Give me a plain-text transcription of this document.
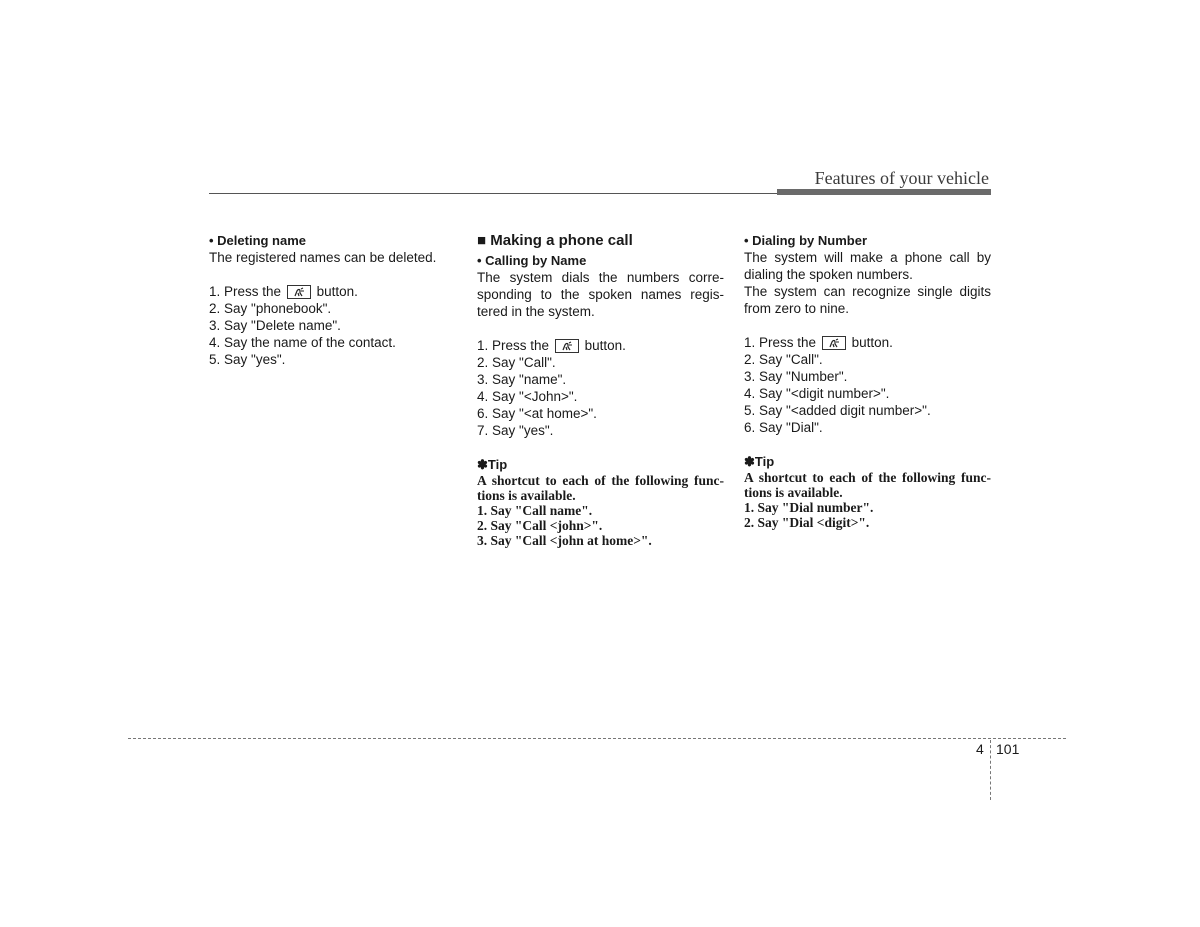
Features of your vehicle

• Deleting name

The registered names can be deleted.

1. Press the	button.

2. Say "phonebook".

3. Say "Delete name".

4. Say the name of the contact.

5. Say "yes".

■ Making a phone call

• Calling by Name

The system dials the numbers corre-sponding to the spoken names regis-tered in the system.

1. Press the	button.

2. Say "Call".

3. Say "name".

4. Say "<John>".

6. Say "<at home>".

7. Say "yes".

✽Tip

A shortcut to each of the following func-tions is available.

1. Say "Call name".

2. Say "Call <john>".

3. Say "Call <john at home>".

• Dialing by Number

The system will make a phone call by dialing the spoken numbers.

The system can recognize single digits from zero to nine.

1. Press the	button.

2. Say "Call".

3. Say "Number".

4. Say "<digit number>".

5. Say "<added digit number>".

6. Say "Dial".

✽Tip

A shortcut to each of the following func-tions is available.

1. Say "Dial number".

2. Say "Dial <digit>".

4 101
